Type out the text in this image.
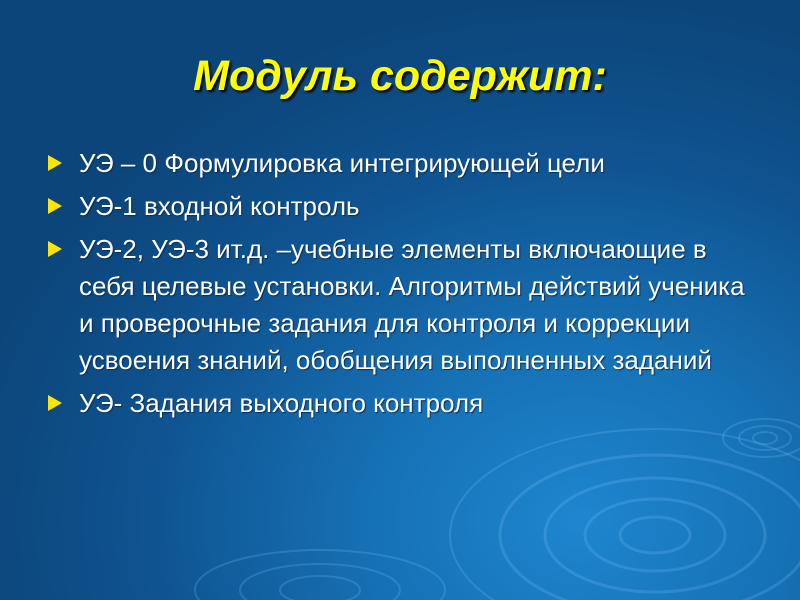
Модуль содержит:
УЭ – 0 Формулировка интегрирующей цели
УЭ-1 входной контроль
УЭ-2, УЭ-3 ит.д. –учебные элементы включающие в себя целевые установки. Алгоритмы действий ученика и проверочные задания для контроля и коррекции усвоения знаний, обобщения выполненных заданий
УЭ- Задания выходного контроля
